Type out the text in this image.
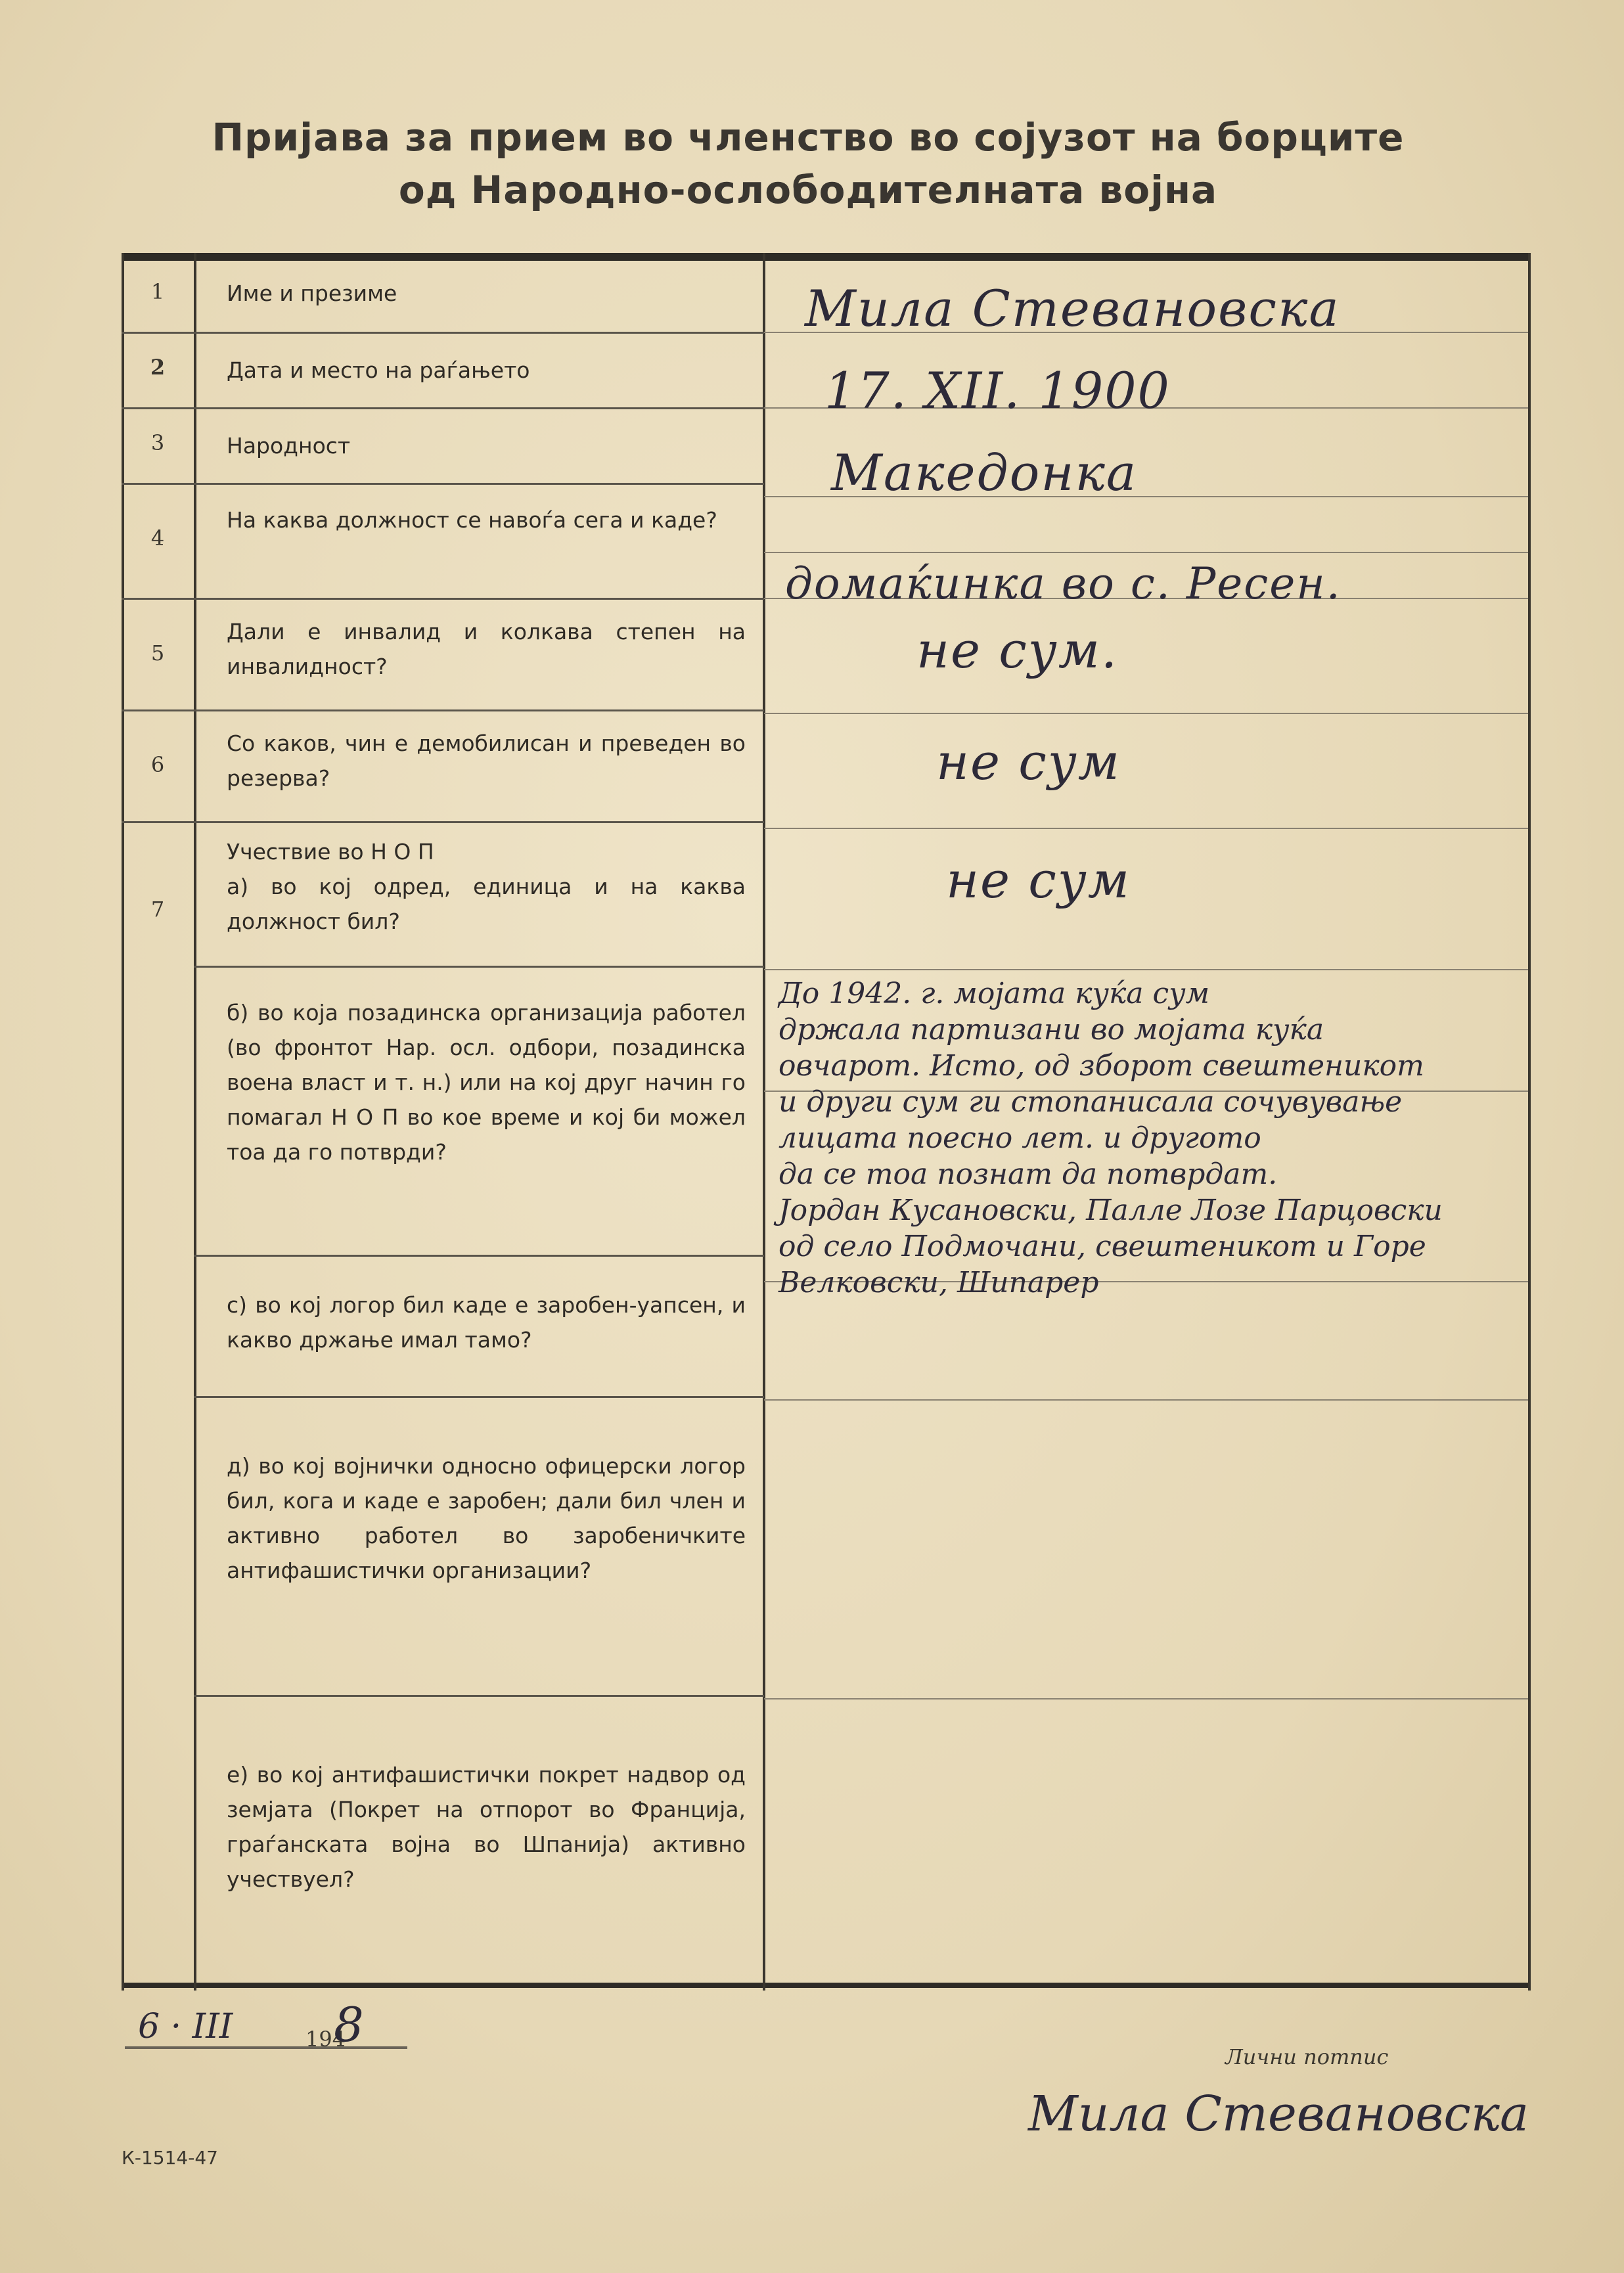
Пријава за прием во членство во сојузот на борците
од Народно-ослободителната војна
1
2
3
4
5
6
7
Име и презиме
Дата и место на раѓањето
Народност
На каква должност се навоѓа сега и каде?
Дали е инвалид и колкава степен на инвалидност?
Со каков, чин е демобилисан и преведен во резерва?
Учествие во Н О П
а) во кој одред, единица и на каква должност бил?
б) во која позадинска организација работел (во фронтот Нар. осл. одбори, позадинска военa власт и т. н.) или на кој друг начин го помагал Н О П во кое време и кој би можел тоа да го потврди?
с) во кој логор бил каде е заробен-уапсен, и какво држање имал тамо?
д) во кој војнички односно офицерски логор бил, кога и каде е заробен; дали бил член и активно работел во заробеничките антифашистички организации?
е) во кој антифашистички покрет надвор од земјата (Покрет на отпорот во Франција, граѓанската војна во Шпанија) активно учествуел?
Мила Стевановска
17. XII. 1900
Македонка
домаќинка во с. Ресен.
не сум.
не сум
не сум
До 1942. г. мојата куќа сум
држала партизани во мојата куќа
овчарот. Исто, од зборот свештеникот
и други сум ги стопанисала сочувување
лицата поесно лет. и другото
да се тоа познат да потврдат.
Јордан Кусановски, Палле Лозе Парцовски
од село Подмочани, свештеникот и Горе
Велковски, Шипарер
6 · III	194
8
Лични потпис
Мила Стевановска
К-1514-47
